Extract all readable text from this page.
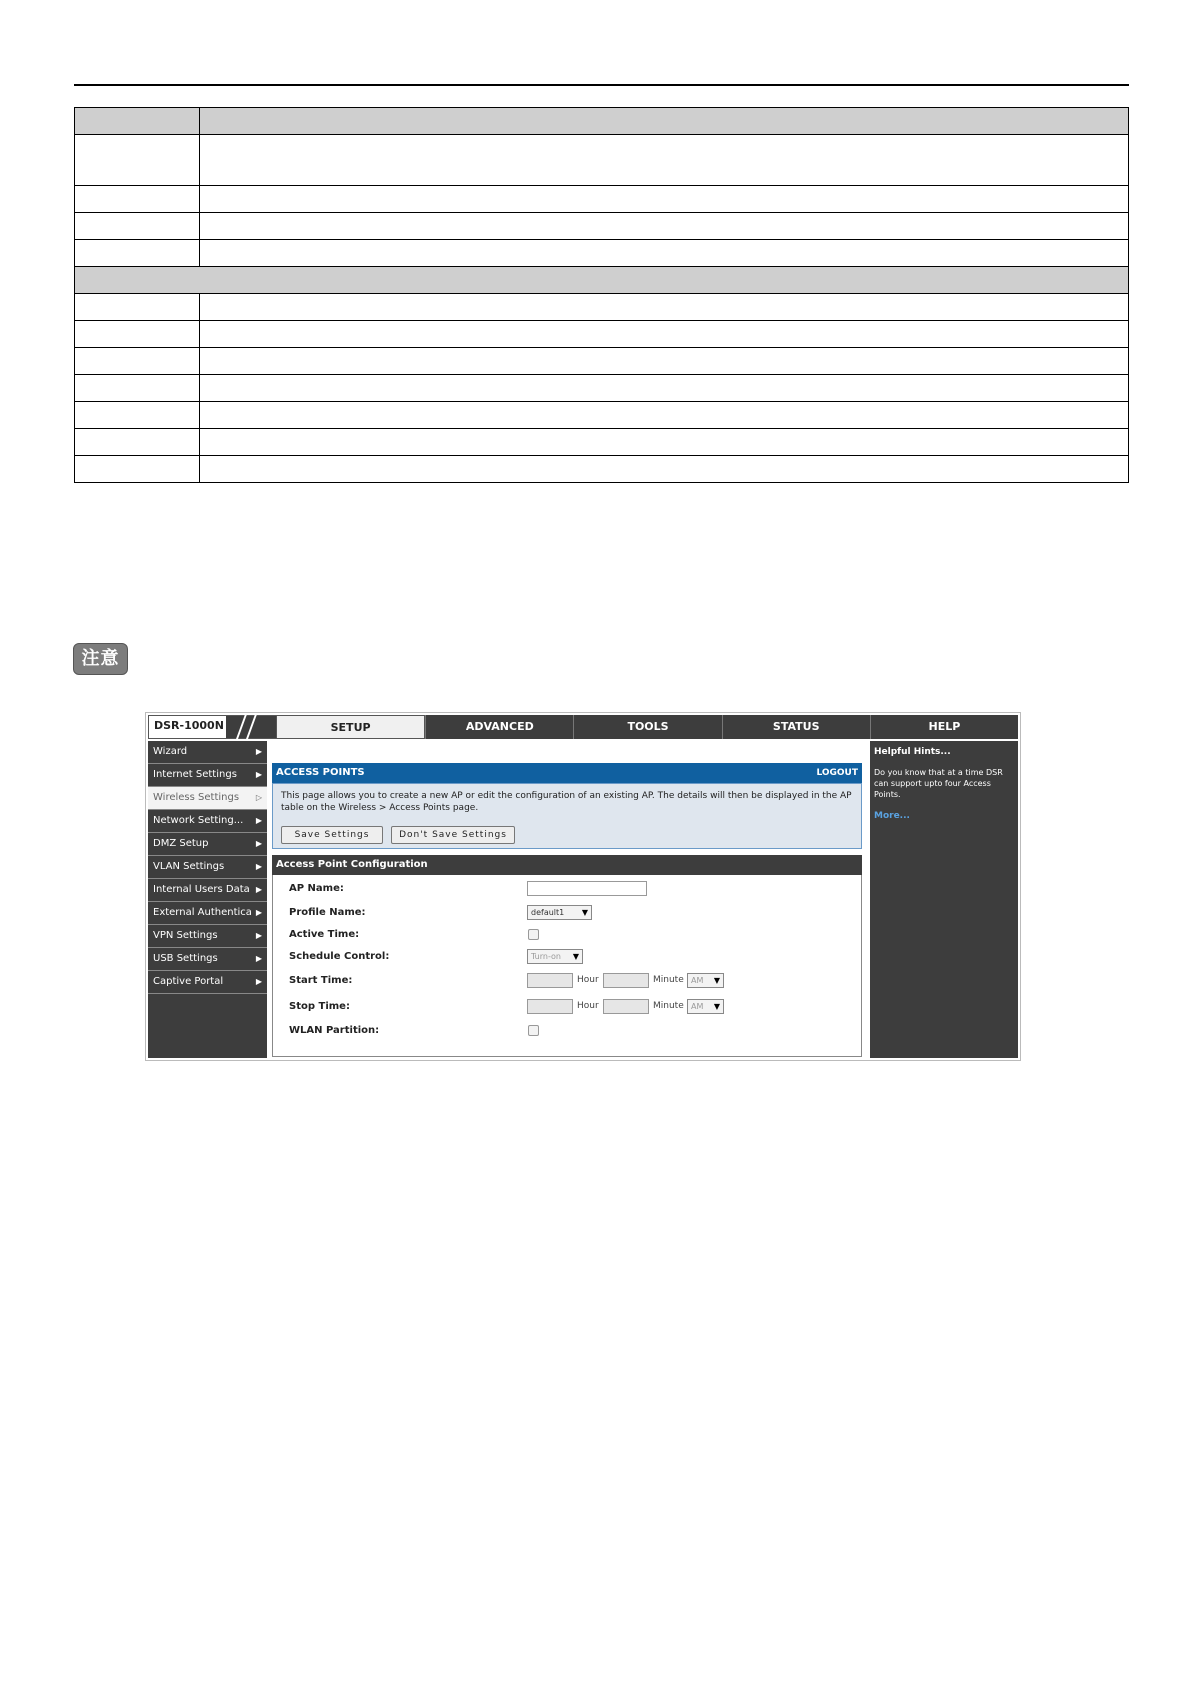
注意
SETUP	ADVANCED	TOOLS	STATUS	HELP
DSR-1000N
Wizard	▶
Internet Settings ▶
Wireless Settings ▷
Network Setting... ▶
DMZ Setup	▶
VLAN Settings	▶
Internal Users Data ▶
External Authentica ▶
VPN Settings	▶
USB Settings	▶
Captive Portal	▶
ACCESS POINTS	LOGOUT

This page allows you to create a new AP or edit the configuration of an existing AP. The details will then be displayed in the AP table on the Wireless > Access Points page.

Save Settings	Don't Save Settings
Access Point Configuration
AP Name:
Profile Name:	default1 ▼
Active Time:
Schedule Control:	Turn-on ▼
Start Time:	Hour	Minute AM ▼
Stop Time:	Hour	Minute AM ▼
WLAN Partition:
Helpful Hints...
Do you know that at a time DSR can support upto four Access Points.
More...
